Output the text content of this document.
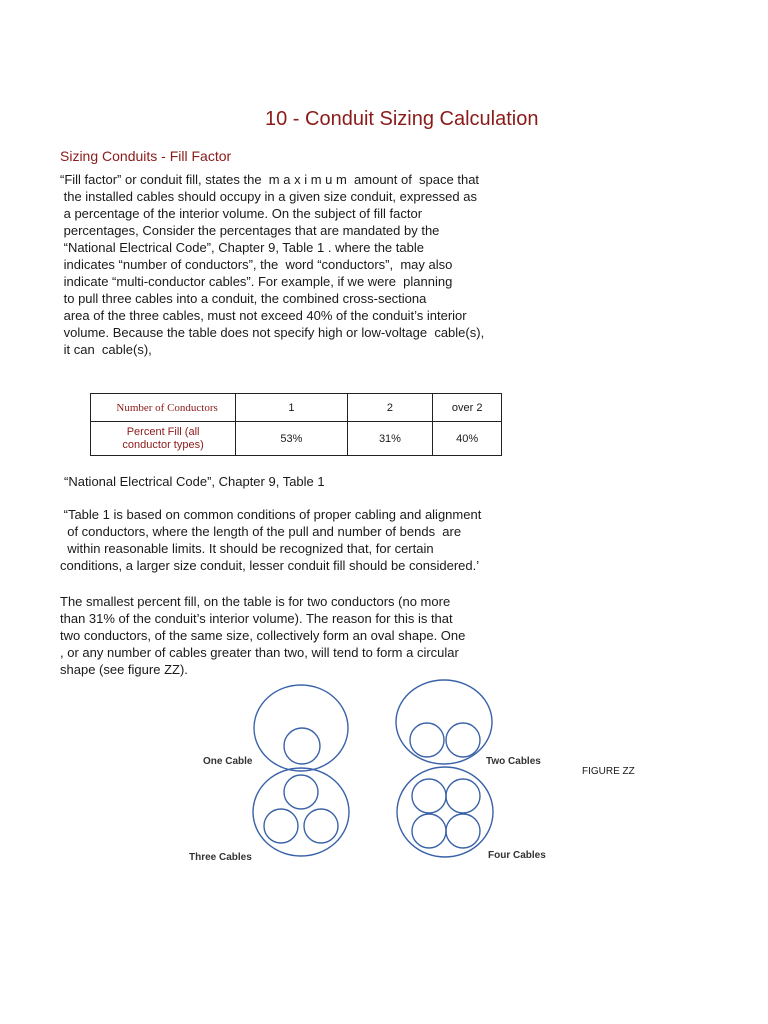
10 - Conduit Sizing Calculation
Sizing Conduits - Fill Factor
“Fill factor” or conduit fill, states the  m a x i m u m  amount of  space that
the installed cables should occupy in a given size conduit, expressed as
a percentage of the interior volume. On the subject of fill factor
percentages, Consider the percentages that are mandated by the
“National Electrical Code”, Chapter 9, Table 1 . where the table
indicates “number of conductors”, the  word “conductors”,  may also
indicate “multi-conductor cables”. For example, if we were  planning
to pull three cables into a conduit, the combined cross-sectiona
area of the three cables, must not exceed 40% of the conduit’s interior
volume. Because the table does not specify high or low-voltage  cable(s),
it can  cable(s),
Number of Conductors	1	2	over 2
Percent Fill (all
conductor types)	53%	31%	40%
“National Electrical Code”, Chapter 9, Table 1
“Table 1 is based on common conditions of proper cabling and alignment
of conductors, where the length of the pull and number of bends  are
within reasonable limits. It should be recognized that, for certain
conditions, a larger size conduit, lesser conduit fill should be considered.’
The smallest percent fill, on the table is for two conductors (no more
than 31% of the conduit’s interior volume). The reason for this is that
two conductors, of the same size, collectively form an oval shape. One
, or any number of cables greater than two, will tend to form a circular
shape (see figure ZZ).
One Cable	Two Cables
Three Cables	Four Cables
FIGURE ZZ
